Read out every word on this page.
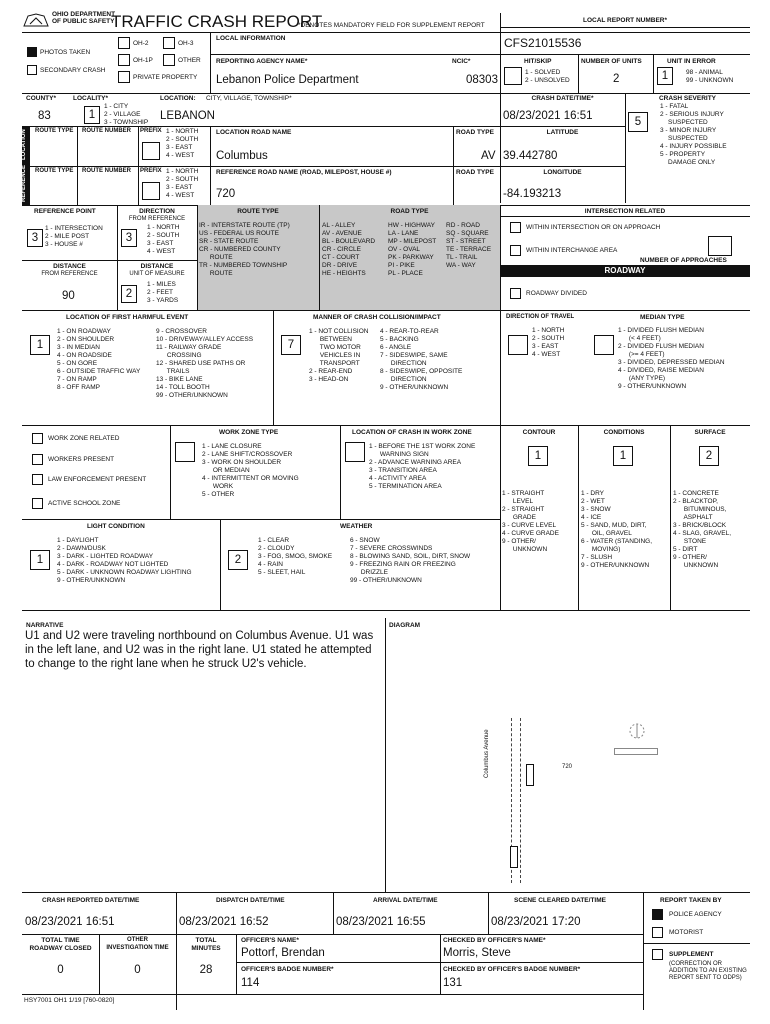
OHIO DEPARTMENT
OF PUBLIC SAFETY
TRAFFIC CRASH REPORT
*DENOTES MANDATORY FIELD FOR SUPPLEMENT REPORT
LOCAL REPORT NUMBER*
CFS21015536
PHOTOS TAKEN
OH-2	OH-3
OH-1P	OTHER
SECONDARY CRASH
PRIVATE PROPERTY
LOCAL INFORMATION
REPORTING AGENCY NAME*
Lebanon Police Department
NCIC*
08303
HIT/SKIP
1 - SOLVED
2 - UNSOLVED
NUMBER OF UNITS
2
UNIT IN ERROR
1	98 - ANIMAL
99 - UNKNOWN
COUNTY*
83
LOCALITY*
1
1 - CITY
2 - VILLAGE
3 - TOWNSHIP
LOCATION: CITY, VILLAGE, TOWNSHIP*
LEBANON
CRASH DATE/TIME*
08/23/2021 16:51
CRASH SEVERITY
5
1 - FATAL
2 - SERIOUS INJURY
SUSPECTED
3 - MINOR INJURY
SUSPECTED
4 - INJURY POSSIBLE
5 - PROPERTY
DAMAGE ONLY
LOCATION ROUTE TYPE ROUTE NUMBER PREFIX 1 - NORTH
2 - SOUTH
3 - EAST
4 - WEST
LOCATION ROAD NAME
Columbus
ROAD TYPE
AV
LATITUDE
39.442780
REFERENCE ROUTE TYPE ROUTE NUMBER PREFIX 1 - NORTH
2 - SOUTH
3 - EAST
4 - WEST
REFERENCE ROAD NAME (ROAD, MILEPOST, HOUSE #)
720
ROAD TYPE	LONGITUDE
-84.193213
REFERENCE POINT
3
1 - INTERSECTION
2 - MILE POST
3 - HOUSE #
DIRECTION
FROM REFERENCE
3
1 - NORTH
2 - SOUTH
3 - EAST
4 - WEST
DISTANCE
FROM REFERENCE
90
DISTANCE
UNIT OF MEASURE
2
1 - MILES
2 - FEET
3 - YARDS
ROUTE TYPE	ROAD TYPE
IR - INTERSTATE ROUTE (TP)
US - FEDERAL US ROUTE
SR - STATE ROUTE
CR - NUMBERED COUNTY
ROUTE
TR - NUMBERED TOWNSHIP
ROUTE
AL - ALLEY
AV - AVENUE
BL - BOULEVARD
CR - CIRCLE
CT - COURT
DR - DRIVE
HE - HEIGHTS
HW - HIGHWAY
LA - LANE
MP - MILEPOST
OV - OVAL
PK - PARKWAY
PI - PIKE
PL - PLACE
RD - ROAD
SQ - SQUARE
ST - STREET
TE - TERRACE
TL - TRAIL
WA - WAY
INTERSECTION RELATED
WITHIN INTERSECTION OR ON APPROACH
WITHIN INTERCHANGE AREA
NUMBER OF APPROACHES
ROADWAY
ROADWAY DIVIDED
LOCATION OF FIRST HARMFUL EVENT
1
1 - ON ROADWAY
2 - ON SHOULDER
3 - IN MEDIAN
4 - ON ROADSIDE
5 - ON GORE
6 - OUTSIDE TRAFFIC WAY
7 - ON RAMP
8 - OFF RAMP
9 - CROSSOVER
10 - DRIVEWAY/ALLEY ACCESS
11 - RAILWAY GRADE
CROSSING
12 - SHARED USE PATHS OR
TRAILS
13 - BIKE LANE
14 - TOLL BOOTH
99 - OTHER/UNKNOWN
MANNER OF CRASH COLLISION/IMPACT
7
1 - NOT COLLISION
BETWEEN
TWO MOTOR
VEHICLES IN
TRANSPORT
2 - REAR-END
3 - HEAD-ON
4 - REAR-TO-REAR
5 - BACKING
6 - ANGLE
7 - SIDESWIPE, SAME
DIRECTION
8 - SIDESWIPE, OPPOSITE
DIRECTION
9 - OTHER/UNKNOWN
DIRECTION OF TRAVEL
1 - NORTH
2 - SOUTH
3 - EAST
4 - WEST
MEDIAN TYPE
1 - DIVIDED FLUSH MEDIAN
(< 4 FEET)
2 - DIVIDED FLUSH MEDIAN
(>= 4 FEET)
3 - DIVIDED, DEPRESSED MEDIAN
4 - DIVIDED, RAISE MEDIAN
(ANY TYPE)
9 - OTHER/UNKNOWN
WORK ZONE RELATED
WORKERS PRESENT
LAW ENFORCEMENT PRESENT
ACTIVE SCHOOL ZONE
WORK ZONE TYPE
1 - LANE CLOSURE
2 - LANE SHIFT/CROSSOVER
3 - WORK ON SHOULDER
OR MEDIAN
4 - INTERMITTENT OR MOVING
WORK
5 - OTHER
LOCATION OF CRASH IN WORK ZONE
1 - BEFORE THE 1ST WORK ZONE
WARNING SIGN
2 - ADVANCE WARNING AREA
3 - TRANSITION AREA
4 - ACTIVITY AREA
5 - TERMINATION AREA
CONTOUR
1
1 - STRAIGHT
LEVEL
2 - STRAIGHT
GRADE
3 - CURVE LEVEL
4 - CURVE GRADE
9 - OTHER/
UNKNOWN
CONDITIONS
1
1 - DRY
2 - WET
3 - SNOW
4 - ICE
5 - SAND, MUD, DIRT,
OIL, GRAVEL
6 - WATER (STANDING,
MOVING)
7 - SLUSH
9 - OTHER/UNKNOWN
SURFACE
2
1 - CONCRETE
2 - BLACKTOP,
BITUMINOUS,
ASPHALT
3 - BRICK/BLOCK
4 - SLAG, GRAVEL,
STONE
5 - DIRT
9 - OTHER/
UNKNOWN
LIGHT CONDITION
1
1 - DAYLIGHT
2 - DAWN/DUSK
3 - DARK - LIGHTED ROADWAY
4 - DARK - ROADWAY NOT LIGHTED
5 - DARK - UNKNOWN ROADWAY LIGHTING
9 - OTHER/UNKNOWN
WEATHER
2
1 - CLEAR
2 - CLOUDY
3 - FOG, SMOG, SMOKE
4 - RAIN
5 - SLEET, HAIL
6 - SNOW
7 - SEVERE CROSSWINDS
8 - BLOWING SAND, SOIL, DIRT, SNOW
9 - FREEZING RAIN OR FREEZING
DRIZZLE
99 - OTHER/UNKNOWN
NARRATIVE
U1 and U2 were traveling northbound on Columbus Avenue. U1 was
in the left lane, and U2 was in the right lane. U1 stated he attempted
to change to the right lane when he struck U2's vehicle.
DIAGRAM
Columbus Avenue	720
CRASH REPORTED DATE/TIME
08/23/2021 16:51
DISPATCH DATE/TIME
08/23/2021 16:52
ARRIVAL DATE/TIME
08/23/2021 16:55
SCENE CLEARED DATE/TIME
08/23/2021 17:20
REPORT TAKEN BY
POLICE AGENCY
MOTORIST
TOTAL TIME
ROADWAY CLOSED
0
OTHER
INVESTIGATION TIME
0
TOTAL
MINUTES
28
OFFICER'S NAME*
Pottorf, Brendan
OFFICER'S BADGE NUMBER*
114
CHECKED BY OFFICER'S NAME*
Morris, Steve
CHECKED BY OFFICER'S BADGE NUMBER*
131
SUPPLEMENT
(CORRECTION OR
ADDITION TO AN EXISTING
REPORT SENT TO ODPS)
HSY7001 OH1 1/19 [760-0820]
